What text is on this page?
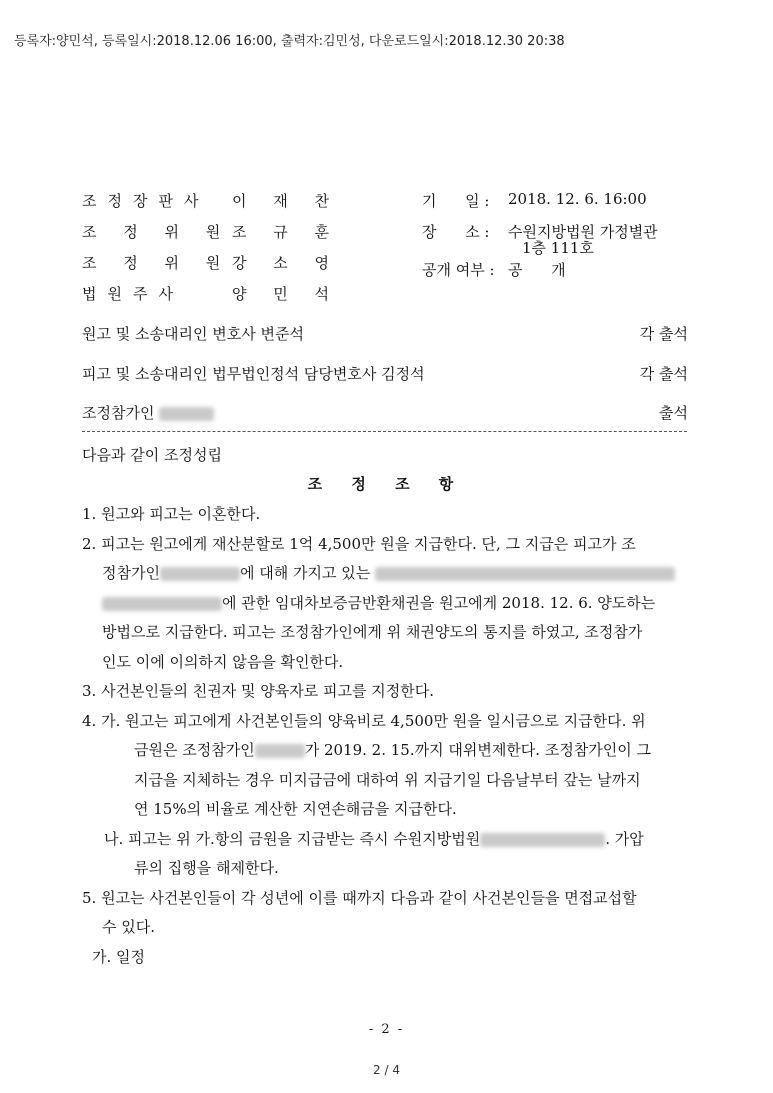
등록자:양민석, 등록일시:2018.12.06 16:00, 출력자:김민성, 다운로드일시:2018.12.30 20:38
조정장판사 이 재 찬
조 정 위 원 조 규 훈
조 정 위 원 강 소 영
법원주사	양 민 석
기      일 : 2018. 12. 6. 16:00
장      소 : 수원지방법원 가정별관
1층 111호
공개 여부 : 공      개
원고 및 소송대리인 변호사 변준석	각 출석
피고 및 소송대리인 법무법인정석 담당변호사 김정석	각 출석
조정참가인	출석
다음과 같이 조정성립
조 정 조 항
1. 원고와 피고는 이혼한다.
2. 피고는 원고에게 재산분할로 1억 4,500만 원을 지급한다. 단, 그 지급은 피고가 조
정참가인	에 대해 가지고 있는
에 관한 임대차보증금반환채권을 원고에게 2018. 12. 6. 양도하는
방법으로 지급한다. 피고는 조정참가인에게 위 채권양도의 통지를 하였고, 조정참가
인도 이에 이의하지 않음을 확인한다.
3. 사건본인들의 친권자 및 양육자로 피고를 지정한다.
4. 가. 원고는 피고에게 사건본인들의 양육비로 4,500만 원을 일시금으로 지급한다. 위
금원은 조정참가인	가 2019. 2. 15.까지 대위변제한다. 조정참가인이 그
지급을 지체하는 경우 미지급금에 대하여 위 지급기일 다음날부터 갚는 날까지
연 15%의 비율로 계산한 지연손해금을 지급한다.
나. 피고는 위 가.항의 금원을 지급받는 즉시 수원지방법원	. 가압
류의 집행을 해제한다.
5. 원고는 사건본인들이 각 성년에 이를 때까지 다음과 같이 사건본인들을 면접교섭할
수 있다.
가. 일정
- 2 -
2 / 4
